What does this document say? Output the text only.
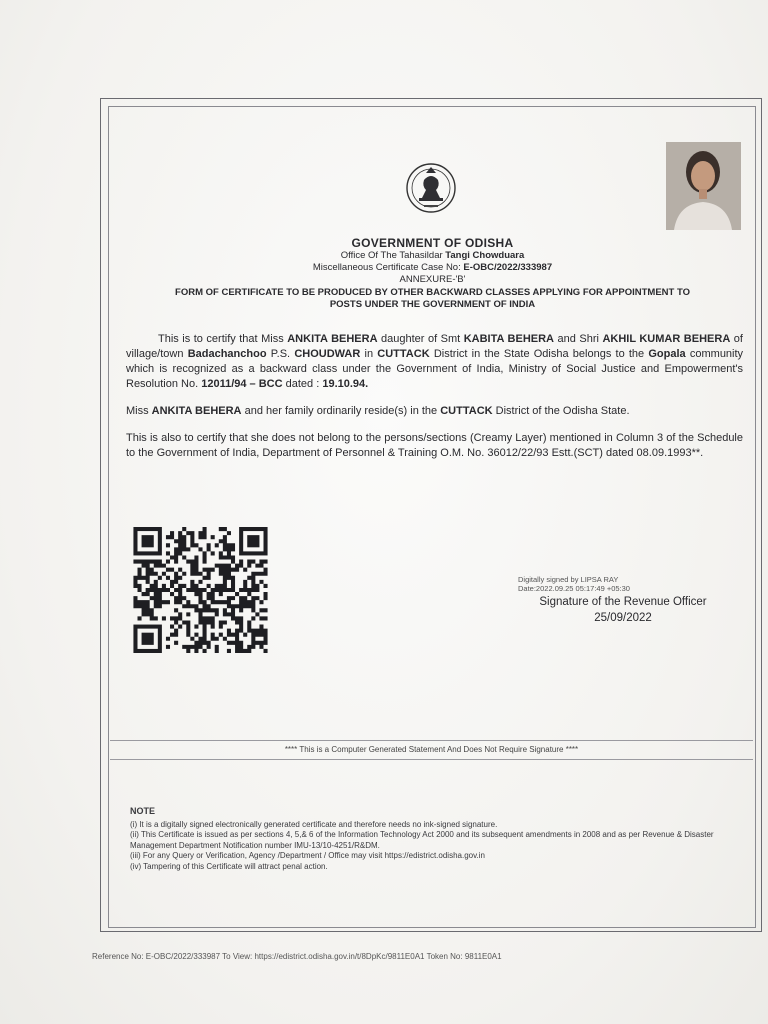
GOVERNMENT OF ODISHA
Office Of The Tahasildar Tangi Chowduara
Miscellaneous Certificate Case No: E-OBC/2022/333987
ANNEXURE-'B'
FORM OF CERTIFICATE TO BE PRODUCED BY OTHER BACKWARD CLASSES APPLYING FOR APPOINTMENT TO
POSTS UNDER THE GOVERNMENT OF INDIA

This is to certify that Miss ANKITA BEHERA daughter of Smt KABITA BEHERA and Shri AKHIL KUMAR BEHERA of village/town Badachanchoo P.S. CHOUDWAR in CUTTACK District in the State Odisha belongs to the Gopala community which is recognized as a backward class under the Government of India, Ministry of Social Justice and Empowerment's Resolution No. 12011/94 – BCC dated : 19.10.94.

Miss ANKITA BEHERA and her family ordinarily reside(s) in the CUTTACK District of the Odisha State.

This is also to certify that she does not belong to the persons/sections (Creamy Layer) mentioned in Column 3 of the Schedule to the Government of India, Department of Personnel & Training O.M. No. 36012/22/93 Estt.(SCT) dated 08.09.1993**.

Digitally signed by LIPSA RAY
Date:2022.09.25 05:17:49 +05:30
Signature of the Revenue Officer
25/09/2022
**** This is a Computer Generated Statement And Does Not Require Signature ****
NOTE
(i) It is a digitally signed electronically generated certificate and therefore needs no ink-signed signature.
(ii) This Certificate is issued as per sections 4, 5,& 6 of the Information Technology Act 2000 and its subsequent amendments in 2008 and as per Revenue & Disaster Management Department Notification number IMU-13/10-4251/R&DM.
(iii) For any Query or Verification, Agency /Department / Office may visit https://edistrict.odisha.gov.in
(iv) Tampering of this Certificate will attract penal action.
Reference No: E-OBC/2022/333987 To View: https://edistrict.odisha.gov.in/t/8DpKc/9811E0A1 Token No: 9811E0A1
